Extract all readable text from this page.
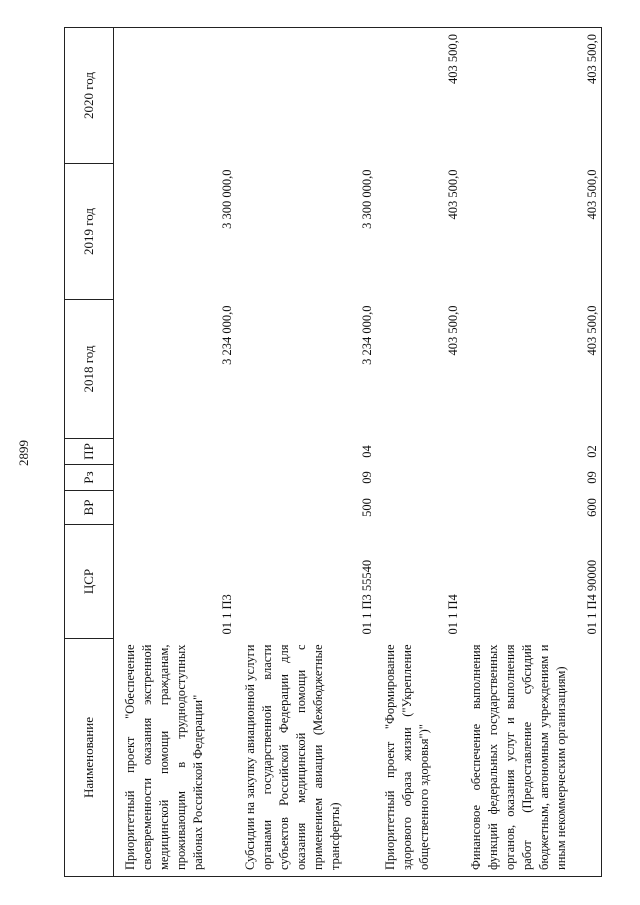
2899
Наименование	ЦСР	ВР	Рз	ПР	2018 год	2019 год	2020 год

Приоритетный проект "Обеспечение своевременности оказания экстренной медицинской помощи гражданам, проживающим в труднодоступных районах Российской Федерации"	01 1 П3				3 234 000,0	3 300 000,0	

Субсидии на закупку авиационной услуги органами государственной власти субъектов Российской Федерации для оказания медицинской помощи с применением авиации (Межбюджетные трансферты)	01 1 П3 55540	500	09	04	3 234 000,0	3 300 000,0	

Приоритетный проект "Формирование здорового образа жизни ("Укрепление общественного здоровья")"	01 1 П4				403 500,0	403 500,0	403 500,0

Финансовое обеспечение выполнения функций федеральных государственных органов, оказания услуг и выполнения работ (Предоставление субсидий бюджетным, автономным учреждениям и иным некоммерческим организациям)	01 1 П4 90000	600	09	02	403 500,0	403 500,0	403 500,0
